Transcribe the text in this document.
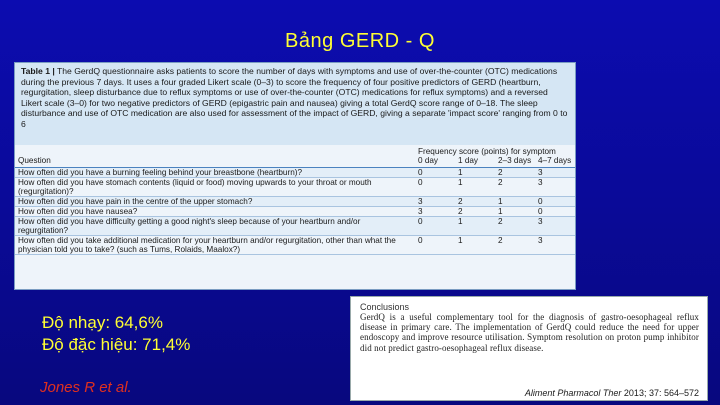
Bảng GERD - Q
Table 1 | The GerdQ questionnaire asks patients to score the number of days with symptoms and use of over-the-counter (OTC) medications during the previous 7 days. It uses a four graded Likert scale (0–3) to score the frequency of four positive predictors of GERD (heartburn, regurgitation, sleep disturbance due to reflux symptoms or use of over-the-counter (OTC) medications for reflux symptoms) and a reversed Likert scale (3–0) for two negative predictors of GERD (epigastric pain and nausea) giving a total GerdQ score range of 0–18. The sleep disturbance and use of OTC medication are also used for assessment of the impact of GERD, giving a separate 'impact score' ranging from 0 to 6
	Frequency score (points) for symptom			
Question	0 day	1 day	2–3 days	4–7 days
How often did you have a burning feeling behind your breastbone (heartburn)?	0	1	2	3
How often did you have stomach contents (liquid or food) moving upwards to your throat or mouth (regurgitation)?	0	1	2	3
How often did you have pain in the centre of the upper stomach?	3	2	1	0
How often did you have nausea?	3	2	1	0
How often did you have difficulty getting a good night's sleep because of your heartburn and/or regurgitation?	0	1	2	3
How often did you take additional medication for your heartburn and/or regurgitation, other than what the physician told you to take? (such as Tums, Rolaids, Maalox?)	0	1	2	3
Độ nhạy: 64,6%
Độ đặc hiệu: 71,4%
Jones R et al.
Conclusions
GerdQ is a useful complementary tool for the diagnosis of gastro-oesophageal reflux disease in primary care. The implementation of GerdQ could reduce the need for upper endoscopy and improve resource utilisation. Symptom resolution on proton pump inhibitor did not predict gastro-oesophageal reflux disease.
Aliment Pharmacol Ther 2013; 37: 564–572
